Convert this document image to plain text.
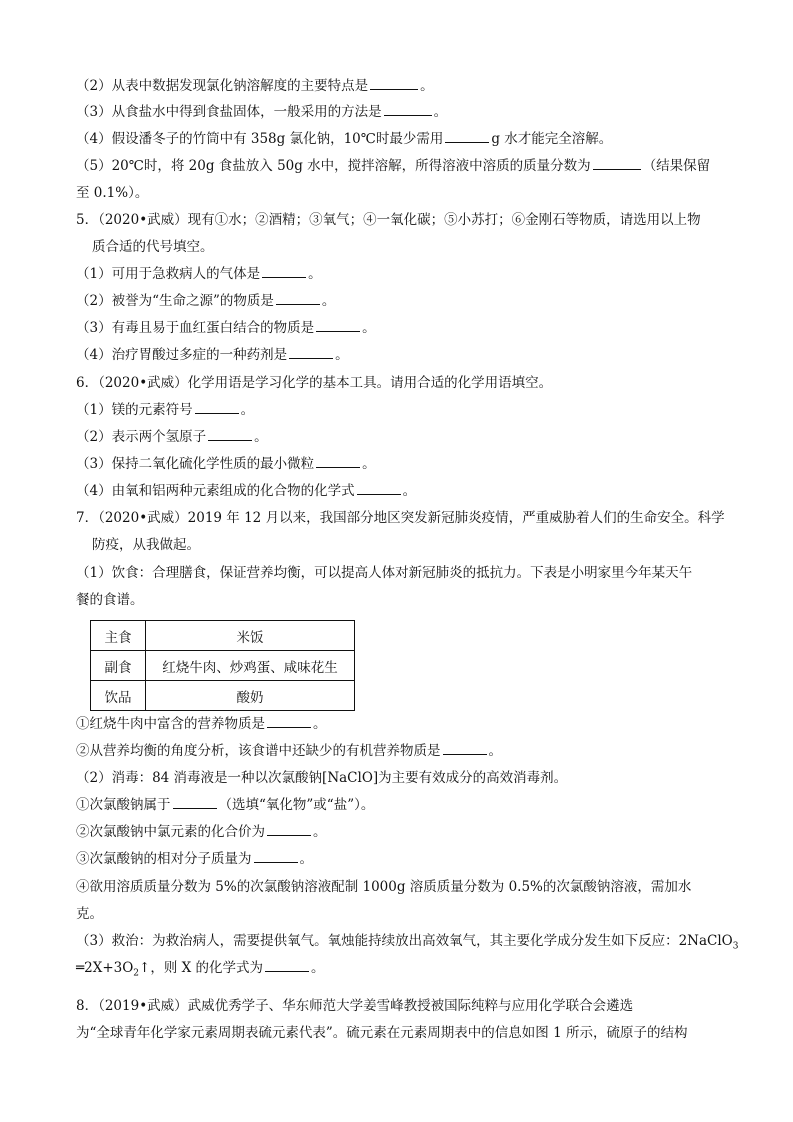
（2）从表中数据发现氯化钠溶解度的主要特点是	。
（3）从食盐水中得到食盐固体，一般采用的方法是	。
（4）假设潘冬子的竹筒中有 358g 氯化钠，10℃时最少需用	g 水才能完全溶解。
（5）20℃时，将 20g 食盐放入 50g 水中，搅拌溶解，所得溶液中溶质的质量分数为	（结果保留
至 0.1%）。
5．（2020•武威）现有①水；②酒精；③氧气；④一氧化碳；⑤小苏打；⑥金刚石等物质，请选用以上物
质合适的代号填空。
（1）可用于急救病人的气体是	。
（2）被誉为“生命之源”的物质是	。
（3）有毒且易于血红蛋白结合的物质是	。
（4）治疗胃酸过多症的一种药剂是	。
6．（2020•武威）化学用语是学习化学的基本工具。请用合适的化学用语填空。
（1）镁的元素符号	。
（2）表示两个氢原子	。
（3）保持二氧化硫化学性质的最小微粒	。
（4）由氧和铝两种元素组成的化合物的化学式	。
7．（2020•武威）2019 年 12 月以来，我国部分地区突发新冠肺炎疫情，严重威胁着人们的生命安全。科学
防疫，从我做起。
（1）饮食：合理膳食，保证营养均衡，可以提高人体对新冠肺炎的抵抗力。下表是小明家里今年某天午
餐的食谱。
主食	米饭
副食	红烧牛肉、炒鸡蛋、咸味花生
饮品	酸奶
①红烧牛肉中富含的营养物质是	。
②从营养均衡的角度分析，该食谱中还缺少的有机营养物质是	。
（2）消毒：84 消毒液是一种以次氯酸钠[NaClO]为主要有效成分的高效消毒剂。
①次氯酸钠属于	（选填“氧化物”或“盐”）。
②次氯酸钠中氯元素的化合价为	。
③次氯酸钠的相对分子质量为	。
④欲用溶质质量分数为 5%的次氯酸钠溶液配制 1000g 溶质质量分数为 0.5%的次氯酸钠溶液，需加水
克。
（3）救治：为救治病人，需要提供氧气。氧烛能持续放出高效氧气，其主要化学成分发生如下反应：2NaClO$_3$
$═2X+3O_2↑$，则 X 的化学式为	。
8．（2019•武威）武威优秀学子、华东师范大学姜雪峰教授被国际纯粹与应用化学联合会遴选
为“全球青年化学家元素周期表硫元素代表”。硫元素在元素周期表中的信息如图 1 所示，硫原子的结构
